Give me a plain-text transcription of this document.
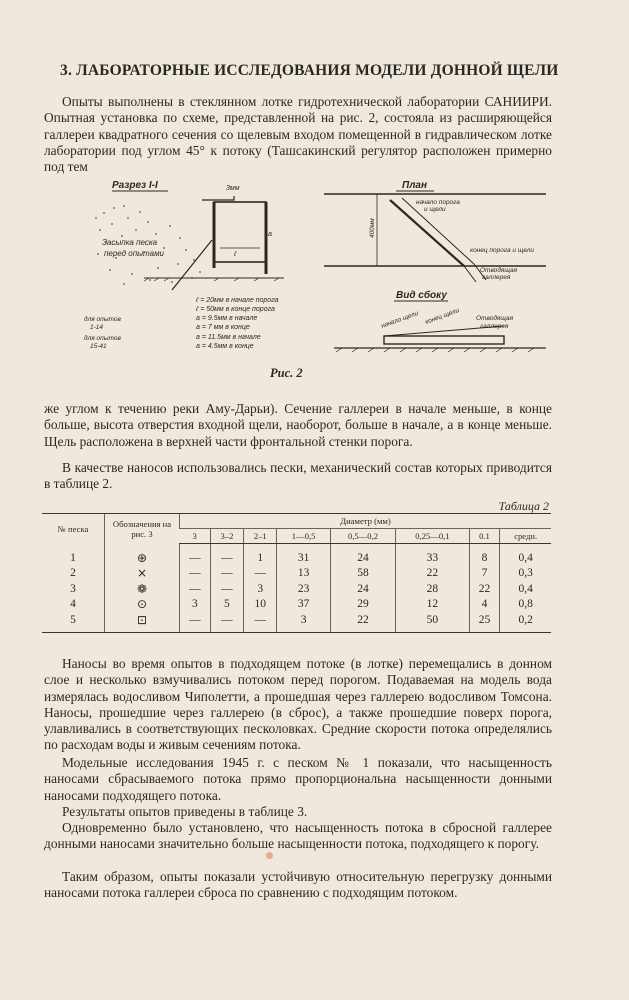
3. ЛАБОРАТОРНЫЕ ИССЛЕДОВАНИЯ МОДЕЛИ ДОННОЙ ЩЕЛИ

Опыты выполнены в стеклянном лотке гидротехнической лаборатории САНИИРИ. Опытная установка по схеме, представленной на рис. 2, состояла из расширяющейся галлереи квадратного сечения со щелевым входом помещенной в гидравлическом лотке лаборатории под углом 45° к потоку (Ташсакинский регулятор расположен примерно под тем

Разрез I-I	3мм
Засыпка песка
перед опытами	ℓ
а
ℓ = 20мм в начале порога
ℓ = 50мм в конце порога
для опытов
1-14
а = 9.5мм в начале
а = 7 мм в конце
для опытов
15-41
а = 11.5мм в начале
а = 4.5мм в конце
План
400мм
начало порога
и щели
конец порога и щели
Отводящая
галлерея
Вид сбоку
начало щели конец щели Отводящая
галлерея
Рис. 2

же углом к течению реки Аму-Дарьи). Сечение галлереи в начале меньше, в конце больше, высота отверстия входной щели, наоборот, больше в начале, а в конце меньше. Щель расположена в верхней части фронтальной стенки порога.

В качестве наносов использовались пески, механический состав которых приводится в таблице 2.

Таблица 2
№ песка	Обозначения на рис. 3	Диаметр (мм)							
		3	3–2	2–1	1—0,5	0,5—0,2	0,25—0,1	0.1	средн.
1	⊕	—	—	1	31	24	33	8	0,4
2	×	—	—	—	13	58	22	7	0,3
3	❁	—	—	3	23	24	28	22	0,4
4	⊙	3	5	10	37	29	12	4	0,8
5	⊡	—	—	—	3	22	50	25	0,2

Наносы во время опытов в подходящем потоке (в лотке) перемещались в донном слое и несколько взмучивались потоком перед порогом. Подаваемая на модель вода измерялась водосливом Чиполетти, а прошедшая через галлерею водосливом Томсона. Наносы, прошедшие через галлерею (в сброс), а также прошедшие поверх порога, улавливались в соответствующих песколовках. Средние скорости потока определялись по расходам воды и живым сечениям потока.

Модельные исследования 1945 г. с песком № 1 показали, что насыщенность наносами сбрасываемого потока прямо пропорциональна насыщенности донными наносами подходящего потока.

Результаты опытов приведены в таблице 3.

Одновременно было установлено, что насыщенность потока в сбросной галлерее донными наносами значительно больше насыщенности потока, подходящего к порогу.

Таким образом, опыты показали устойчивую относительную перегрузку донными наносами потока галлереи сброса по сравнению с подходящим потоком.
